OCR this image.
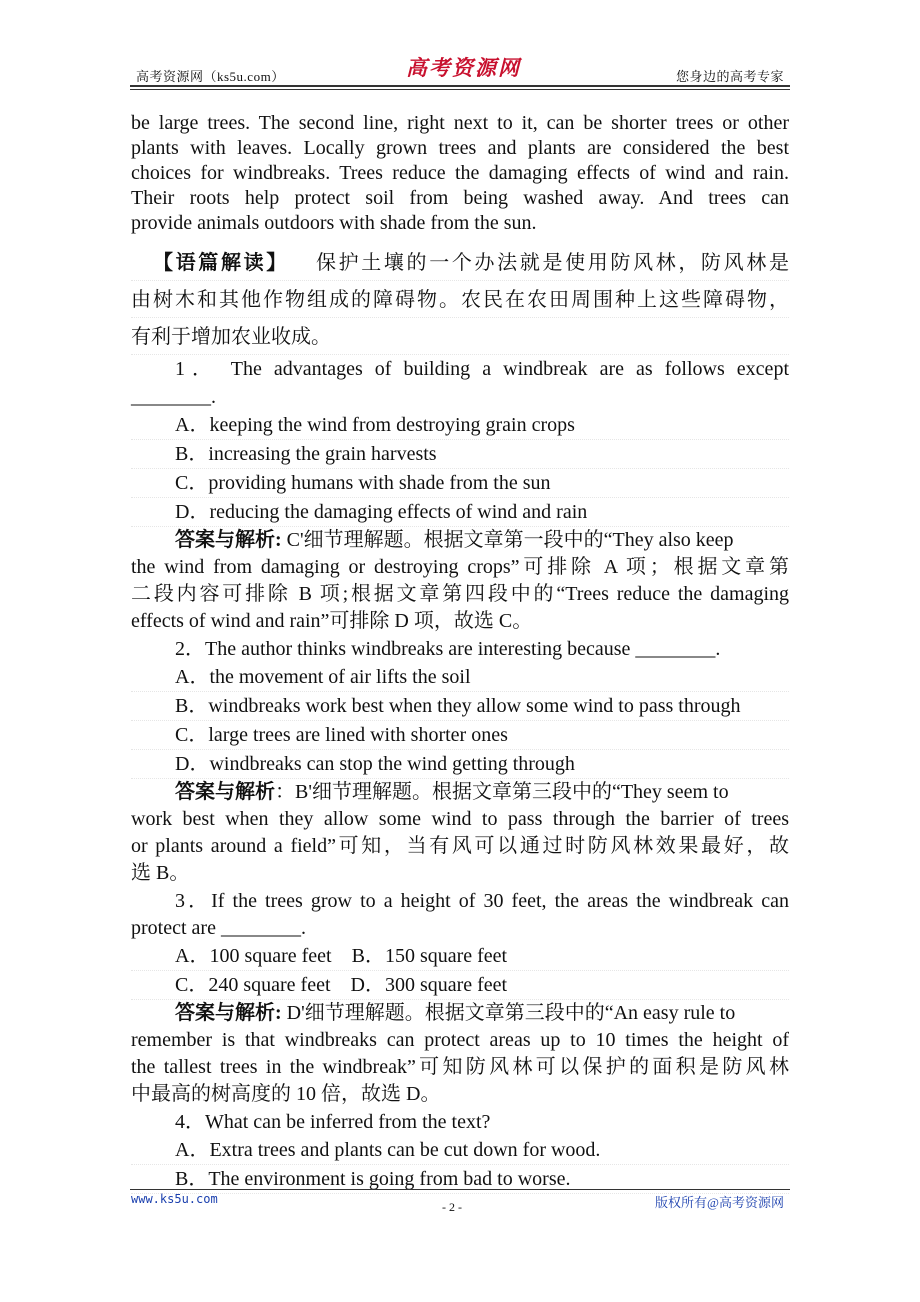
高考资源网（ks5u.com）	高考资源网	您身边的高考专家
be large trees. The second line, right next to it, can be shorter trees or other
plants with leaves. Locally grown trees and plants are considered the best
choices for windbreaks. Trees reduce the damaging effects of wind and rain.
Their roots help protect soil from being washed away. And trees can
provide animals outdoors with shade from the sun.
【语篇解读】 保护土壤的一个办法就是使用防风林，防风林是
由树木和其他作物组成的障碍物。农民在农田周围种上这些障碍物，
有利于增加农业收成。
1． The advantages of building a windbreak are as follows except
________.
A．keeping the wind from destroying grain crops
B．increasing the grain harvests
C．providing humans with shade from the sun
D．reducing the damaging effects of wind and rain
答案与解析: C'细节理解题。根据文章第一段中的“They also keep
the wind from damaging or destroying crops”可排除 A 项；根据文章第
二段内容可排除 B 项;根据文章第四段中的“Trees reduce the damaging
effects of wind and rain”可排除 D 项，故选 C。
2．The author thinks windbreaks are interesting because ________.
A．the movement of air lifts the soil
B．windbreaks work best when they allow some wind to pass through
C．large trees are lined with shorter ones
D．windbreaks can stop the wind getting through
答案与解析：B'细节理解题。根据文章第三段中的“They seem to
work best when they allow some wind to pass through the barrier of trees
or plants around a field”可知，当有风可以通过时防风林效果最好，故
选 B。
3．If the trees grow to a height of 30 feet, the areas the windbreak can
protect are ________.
A．100 square feet　B．150 square feet
C．240 square feet　D．300 square feet
答案与解析: D'细节理解题。根据文章第三段中的“An easy rule to
remember is that windbreaks can protect areas up to 10 times the height of
the tallest trees in the windbreak”可知防风林可以保护的面积是防风林
中最高的树高度的 10 倍，故选 D。
4．What can be inferred from the text?
A．Extra trees and plants can be cut down for wood.
B．The environment is going from bad to worse.
www.ks5u.com
- 2 -	版权所有@高考资源网
